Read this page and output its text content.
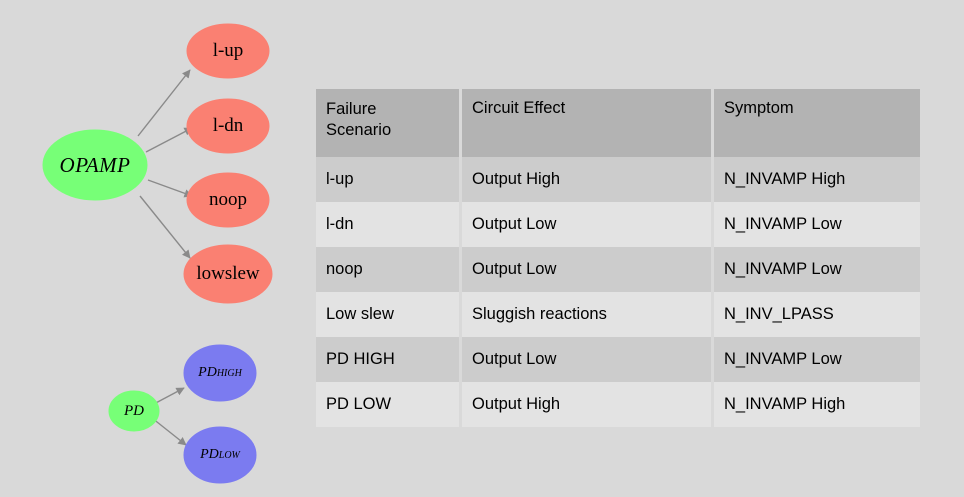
OPAMP
l-up
l-dn
noop
lowslew
PD
PD HIGH
PD LOW
Failure
Scenario		Circuit Effect		Symptom
l-up		Output High		N_INVAMP High
l-dn		Output Low		N_INVAMP Low
noop		Output Low		N_INVAMP Low
Low slew		Sluggish reactions		N_INV_LPASS
PD HIGH		Output Low		N_INVAMP Low
PD LOW		Output High		N_INVAMP High
